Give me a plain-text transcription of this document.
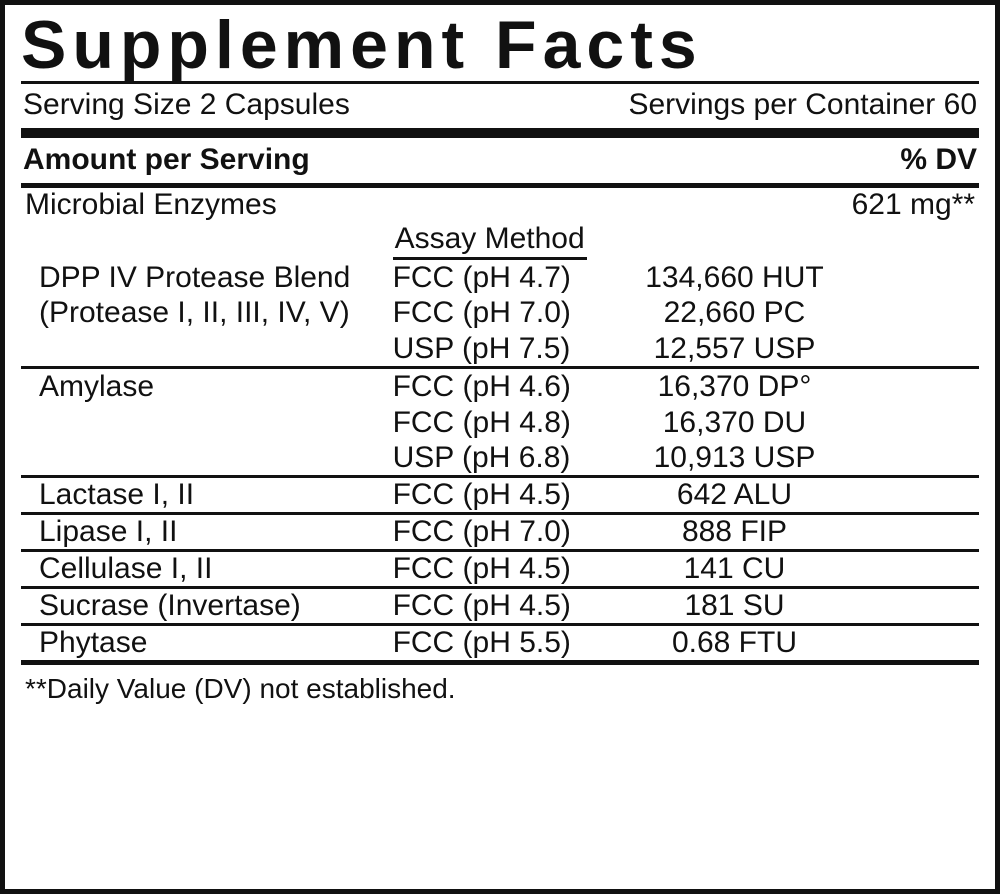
Supplement Facts
Serving Size 2 Capsules	Servings per Container 60
Amount per Serving	% DV
Microbial Enzymes			621 mg**
	Assay Method		
DPP IV Protease Blend	FCC (pH 4.7)	134,660 HUT	
(Protease I, II, III, IV, V)	FCC (pH 7.0)	22,660 PC	
	USP (pH 7.5)	12,557 USP	

Amylase	FCC (pH 4.6)	16,370 DP°	
	FCC (pH 4.8)	16,370 DU	
	USP (pH 6.8)	10,913 USP	

Lactase I, II	FCC (pH 4.5)	642 ALU	

Lipase I, II	FCC (pH 7.0)	888 FIP	

Cellulase I, II	FCC (pH 4.5)	141 CU	

Sucrase (Invertase)	FCC (pH 4.5)	181 SU	

Phytase	FCC (pH 5.5)	0.68 FTU	
**Daily Value (DV) not established.
